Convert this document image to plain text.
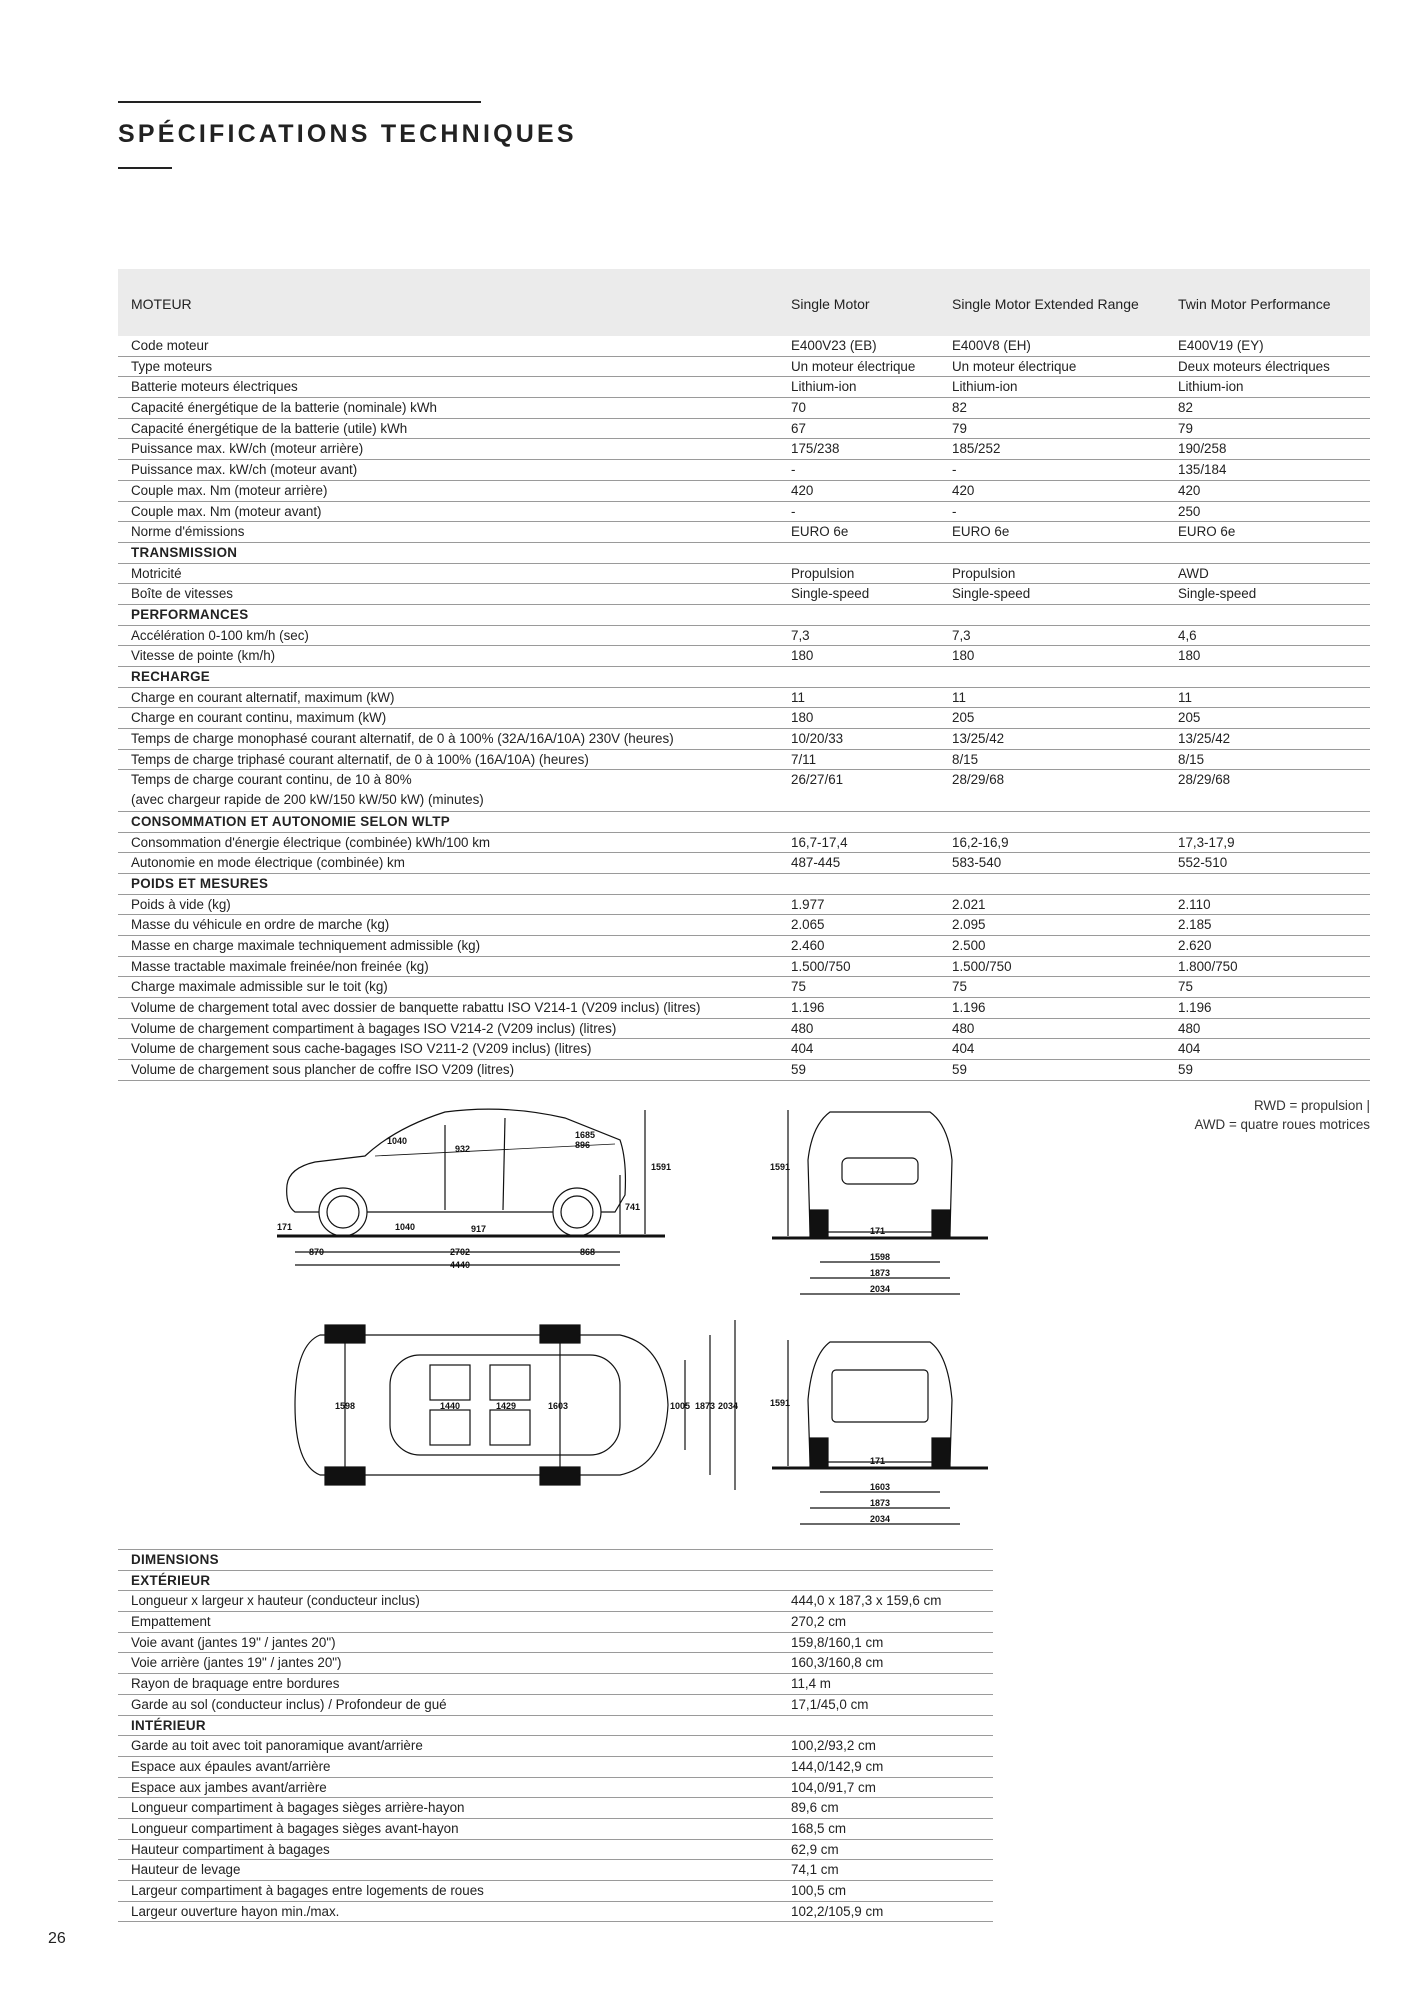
SPÉCIFICATIONS TECHNIQUES
MOTEUR	Single Motor	Single Motor Extended Range	Twin Motor Performance
Code moteur	E400V23 (EB)	E400V8 (EH)	E400V19 (EY)
Type moteurs	Un moteur électrique	Un moteur électrique	Deux moteurs électriques
Batterie moteurs électriques	Lithium-ion	Lithium-ion	Lithium-ion
Capacité énergétique de la batterie (nominale) kWh	70	82	82
Capacité énergétique de la batterie (utile) kWh	67	79	79
Puissance max. kW/ch (moteur arrière)	175/238	185/252	190/258
Puissance max. kW/ch (moteur avant)	-	-	135/184
Couple max. Nm (moteur arrière)	420	420	420
Couple max. Nm (moteur avant)	-	-	250
Norme d'émissions	EURO 6e	EURO 6e	EURO 6e
TRANSMISSION
Motricité	Propulsion	Propulsion	AWD
Boîte de vitesses	Single-speed	Single-speed	Single-speed
PERFORMANCES
Accélération 0-100 km/h (sec)	7,3	7,3	4,6
Vitesse de pointe (km/h)	180	180	180
RECHARGE
Charge en courant alternatif, maximum (kW)	11	11	11
Charge en courant continu, maximum (kW)	180	205	205
Temps de charge monophasé courant alternatif, de 0 à 100% (32A/16A/10A) 230V (heures)	10/20/33	13/25/42	13/25/42
Temps de charge triphasé courant alternatif, de 0 à 100% (16A/10A) (heures)	7/11	8/15	8/15
Temps de charge courant continu, de 10 à 80%	26/27/61	28/29/68	28/29/68
(avec chargeur rapide de 200 kW/150 kW/50 kW) (minutes)
CONSOMMATION ET AUTONOMIE SELON WLTP
Consommation d'énergie électrique (combinée) kWh/100 km	16,7-17,4	16,2-16,9	17,3-17,9
Autonomie en mode électrique (combinée) km	487-445	583-540	552-510
POIDS ET MESURES
Poids à vide (kg)	1.977	2.021	2.110
Masse du véhicule en ordre de marche (kg)	2.065	2.095	2.185
Masse en charge maximale techniquement admissible (kg)	2.460	2.500	2.620
Masse tractable maximale freinée/non freinée (kg)	1.500/750	1.500/750	1.800/750
Charge maximale admissible sur le toit (kg)	75	75	75
Volume de chargement total avec dossier de banquette rabattu ISO V214-1 (V209 inclus) (litres)	1.196	1.196	1.196
Volume de chargement compartiment à bagages ISO V214-2 (V209 inclus) (litres)	480	480	480
Volume de chargement sous cache-bagages ISO V211-2 (V209 inclus) (litres)	404	404	404
Volume de chargement sous plancher de coffre ISO V209 (litres)	59	59	59
RWD = propulsion |
AWD = quatre roues motrices
1040
932
1685
896
1591
741
171	1040	917
870	2702	868
4440
1591
171
1598
1873
2034
1598	1440	1429	1603	1005 1873 2034	1591
171
1603
1873
2034
DIMENSIONS
EXTÉRIEUR
Longueur x largeur x hauteur (conducteur inclus)	444,0 x 187,3 x 159,6 cm
Empattement	270,2 cm
Voie avant (jantes 19" / jantes 20")	159,8/160,1 cm
Voie arrière (jantes 19" / jantes 20")	160,3/160,8 cm
Rayon de braquage entre bordures	11,4 m
Garde au sol (conducteur inclus) / Profondeur de gué	17,1/45,0 cm
INTÉRIEUR
Garde au toit avec toit panoramique avant/arrière	100,2/93,2 cm
Espace aux épaules avant/arrière	144,0/142,9 cm
Espace aux jambes avant/arrière	104,0/91,7 cm
Longueur compartiment à bagages sièges arrière-hayon	89,6 cm
Longueur compartiment à bagages sièges avant-hayon	168,5 cm
Hauteur compartiment à bagages	62,9 cm
Hauteur de levage	74,1 cm
Largeur compartiment à bagages entre logements de roues	100,5 cm
Largeur ouverture hayon min./max.	102,2/105,9 cm
26
